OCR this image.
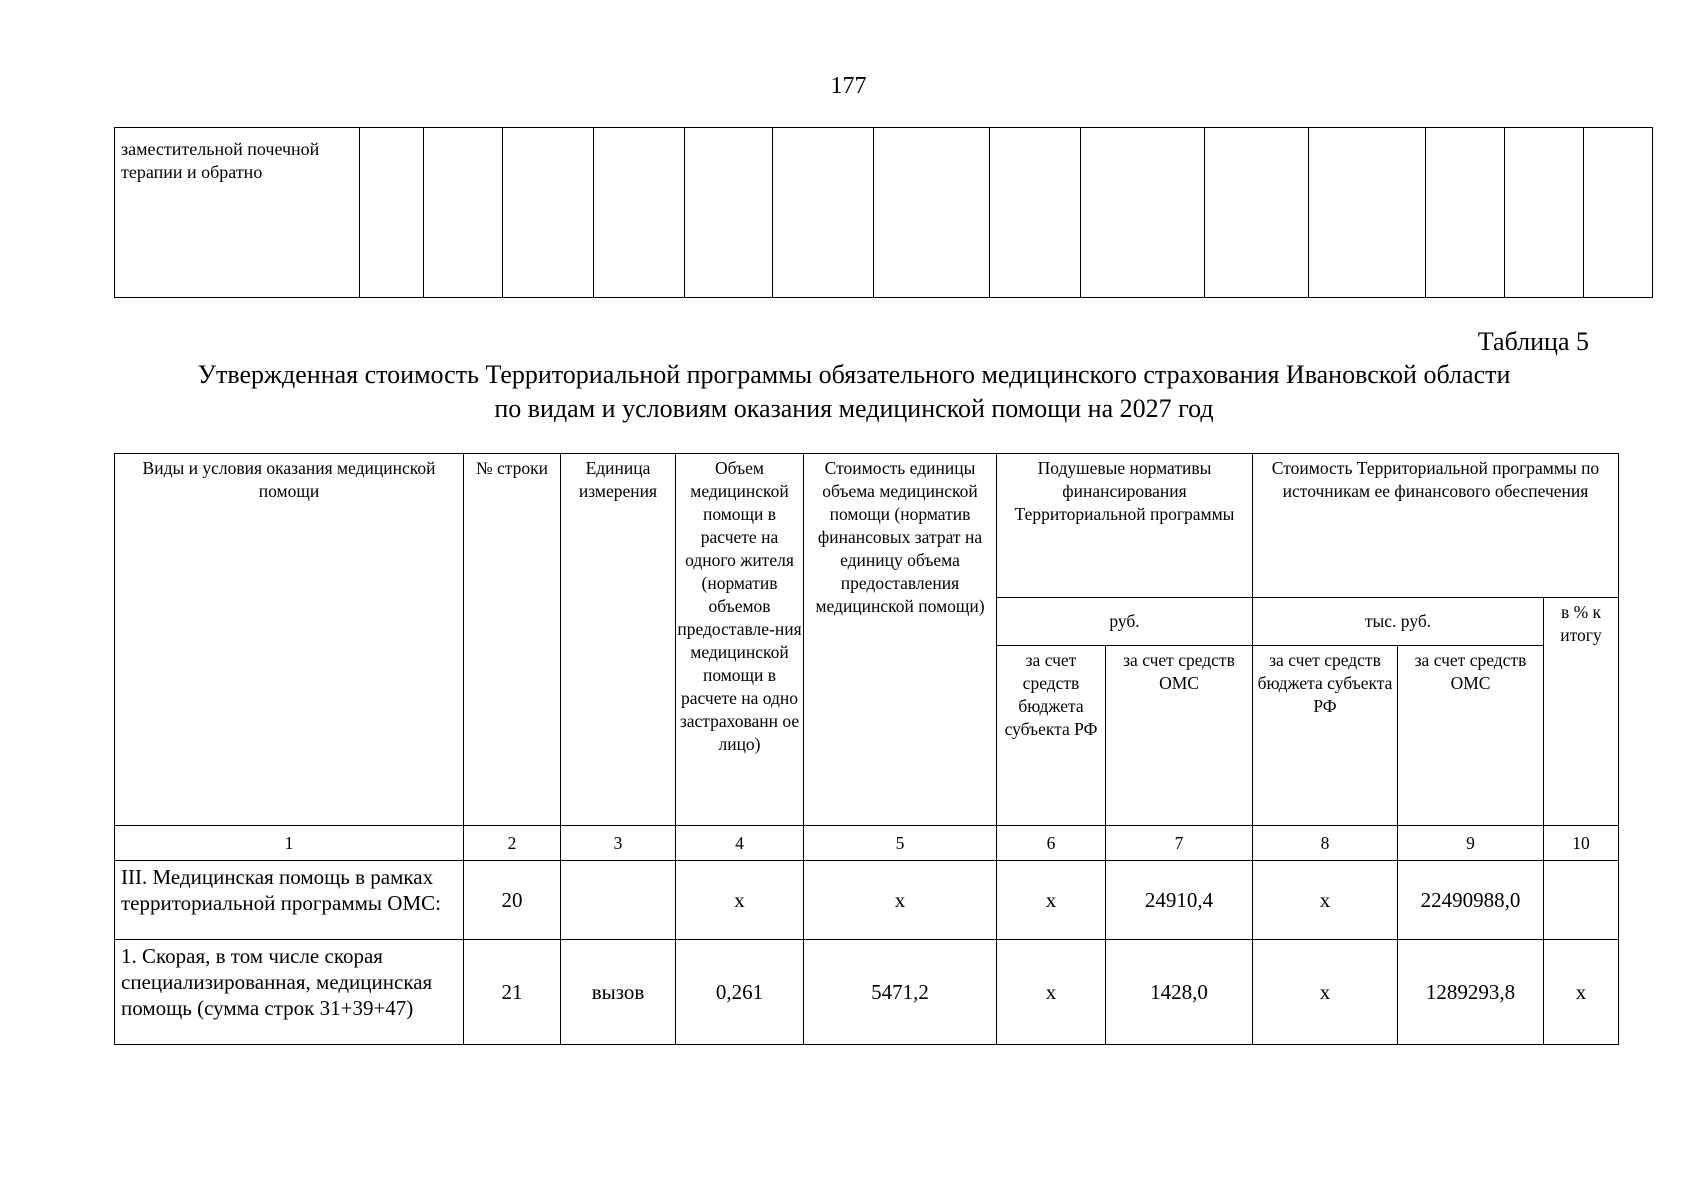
177
заместительной почечной терапии и обратно

Таблица 5
Утвержденная стоимость Территориальной программы обязательного медицинского страхования Ивановской области
по видам и условиям оказания медицинской помощи на 2027 год
Виды и условия оказания медицинской помощи	№ строки	Единица измерения	Объем медицинской помощи в расчете на одного жителя (норматив объемов предоставле-ния медицинской помощи в расчете на одно застрахованн ое лицо)	Стоимость единицы объема медицинской помощи (норматив финансовых затрат на единицу объема предоставления медицинской помощи)	Подушевые нормативы финансирования Территориальной программы		Стоимость Территориальной программы по источникам ее финансового обеспечения		
					руб.		тыс. руб.		в % к итогу
					за счет средств бюджета субъекта РФ	за счет средств ОМС	за счет средств бюджета субъекта РФ	за счет средств ОМС	
1	2	3	4	5	6	7	8	9	10
III. Медицинская помощь в рамках территориальной программы ОМС:	20		х	х	х	24910,4	х	22490988,0	
1. Скорая, в том числе скорая специализированная, медицинская помощь (сумма строк 31+39+47)	21	вызов	0,261	5471,2	х	1428,0	х	1289293,8	х
